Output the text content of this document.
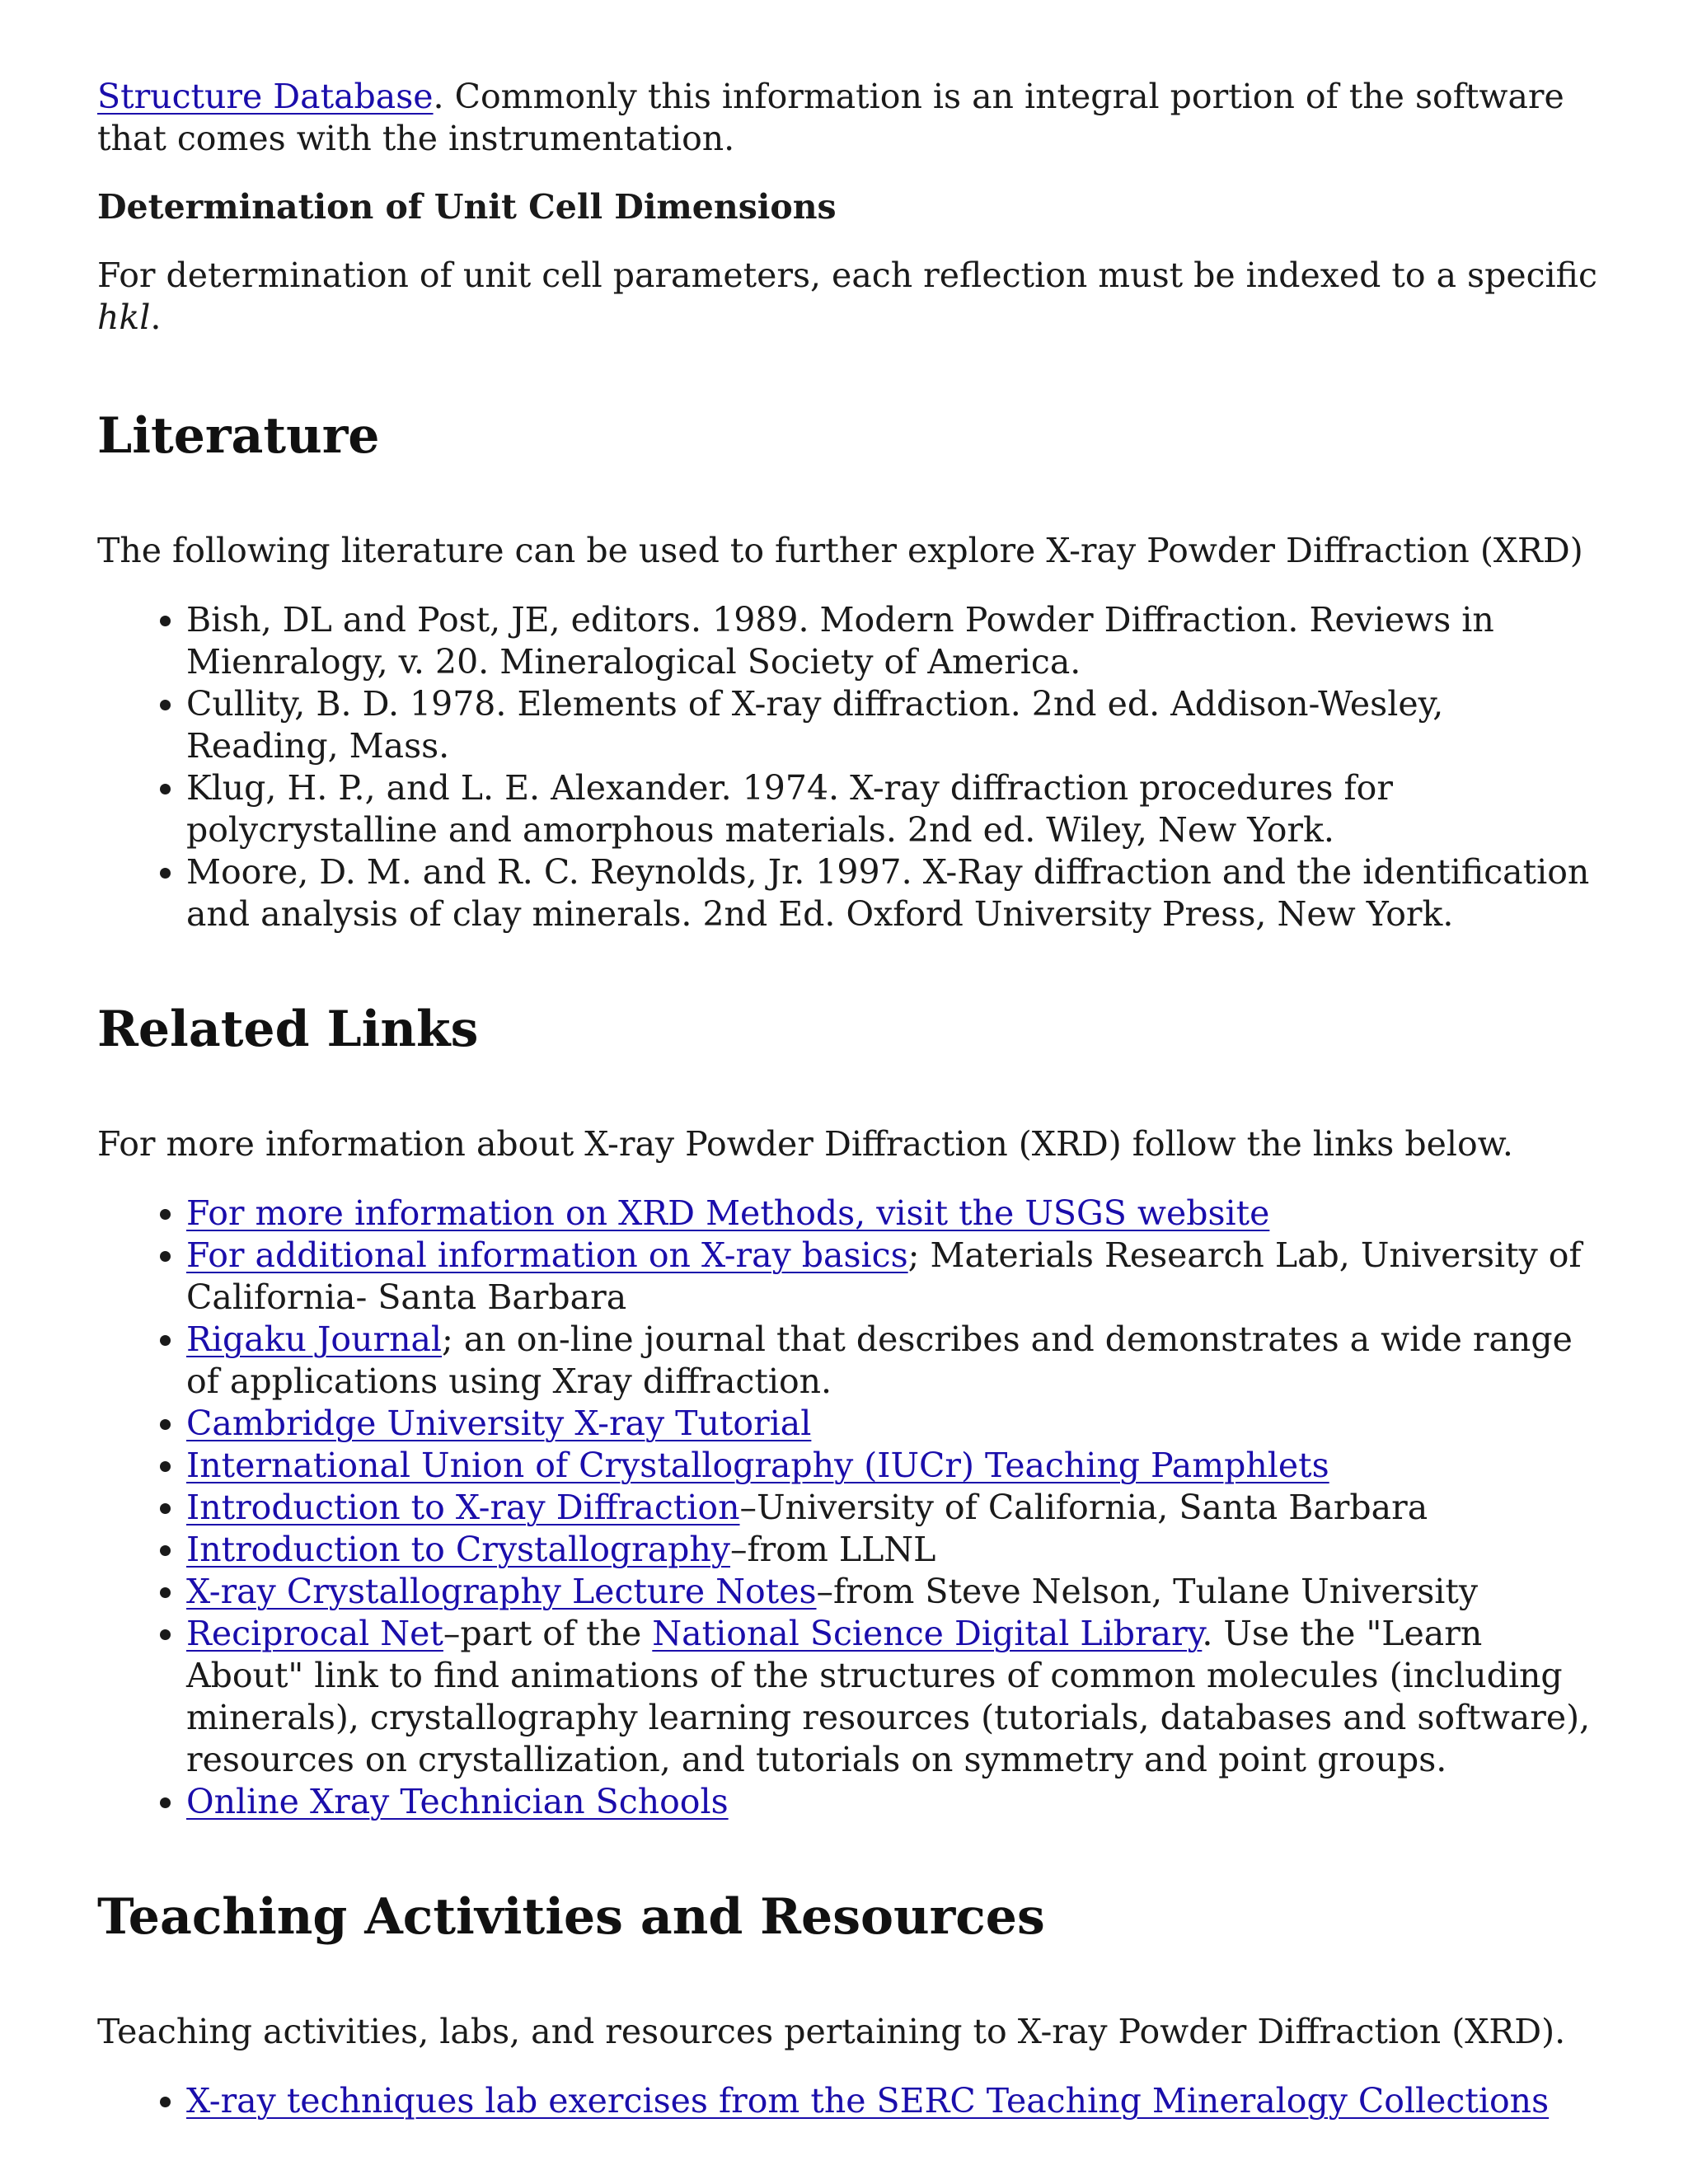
Structure Database. Commonly this information is an integral portion of the software that comes with the instrumentation.

Determination of Unit Cell Dimensions

For determination of unit cell parameters, each reflection must be indexed to a specific hkl.

Literature

The following literature can be used to further explore X-ray Powder Diffraction (XRD)

• Bish, DL and Post, JE, editors. 1989. Modern Powder Diffraction. Reviews in Mienralogy, v. 20. Mineralogical Society of America.
• Cullity, B. D. 1978. Elements of X-ray diffraction. 2nd ed. Addison-Wesley, Reading, Mass.
• Klug, H. P., and L. E. Alexander. 1974. X-ray diffraction procedures for polycrystalline and amorphous materials. 2nd ed. Wiley, New York.
• Moore, D. M. and R. C. Reynolds, Jr. 1997. X-Ray diffraction and the identification and analysis of clay minerals. 2nd Ed. Oxford University Press, New York.
Related Links

For more information about X-ray Powder Diffraction (XRD) follow the links below.

• For more information on XRD Methods, visit the USGS website
• For additional information on X-ray basics; Materials Research Lab, University of California- Santa Barbara
• Rigaku Journal; an on-line journal that describes and demonstrates a wide range of applications using Xray diffraction.
• Cambridge University X-ray Tutorial
• International Union of Crystallography (IUCr) Teaching Pamphlets
• Introduction to X-ray Diffraction–University of California, Santa Barbara
• Introduction to Crystallography–from LLNL
• X-ray Crystallography Lecture Notes–from Steve Nelson, Tulane University
• Reciprocal Net–part of the National Science Digital Library. Use the "Learn About" link to find animations of the structures of common molecules (including minerals), crystallography learning resources (tutorials, databases and software), resources on crystallization, and tutorials on symmetry and point groups.
• Online Xray Technician Schools
Teaching Activities and Resources

Teaching activities, labs, and resources pertaining to X-ray Powder Diffraction (XRD).

• X-ray techniques lab exercises from the SERC Teaching Mineralogy Collections
